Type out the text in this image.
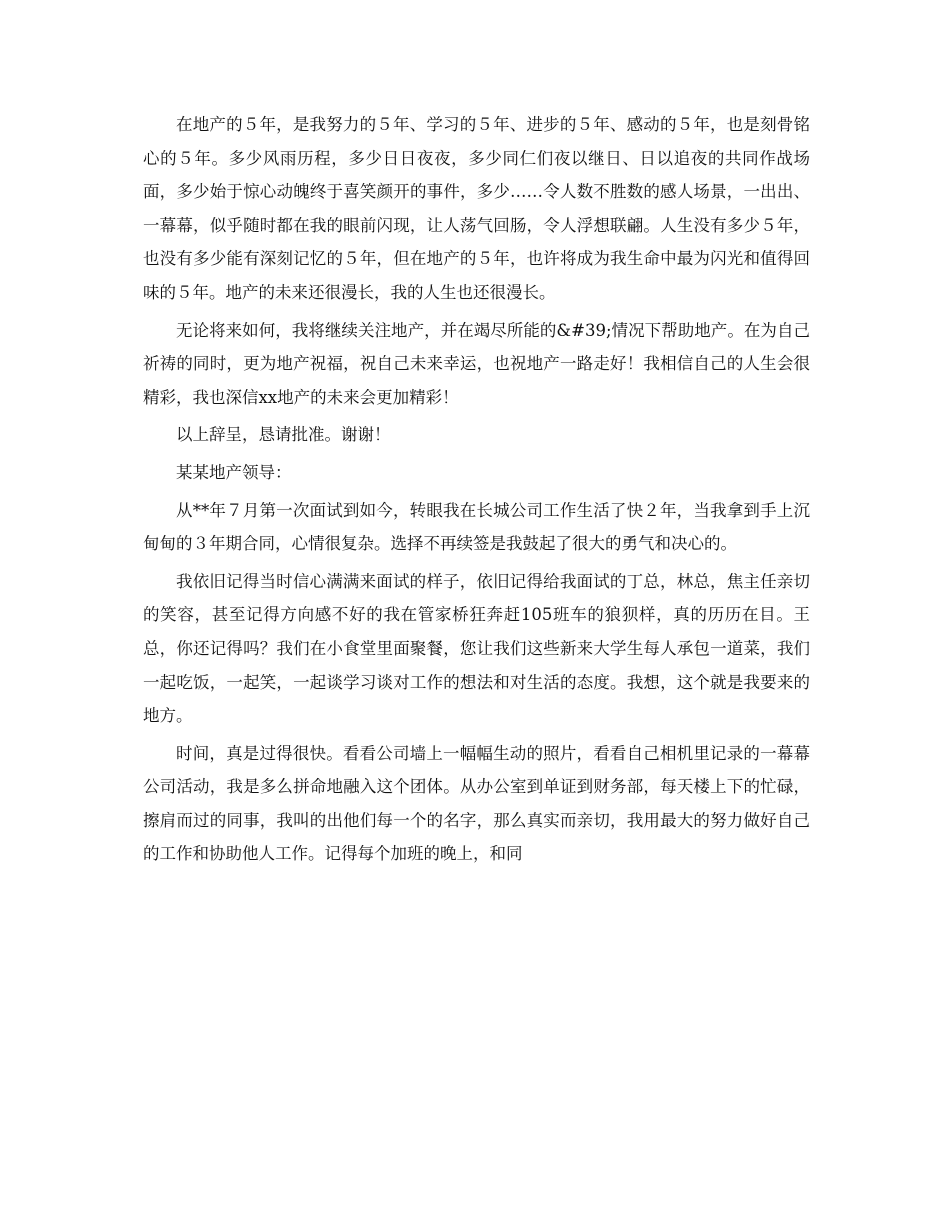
在地产的５年，是我努力的５年、学习的５年、进步的５年、感动的５年，也是刻骨铭心的５年。多少风雨历程，多少日日夜夜，多少同仁们夜以继日、日以追夜的共同作战场面，多少始于惊心动魄终于喜笑颜开的事件，多少……令人数不胜数的感人场景，一出出、一幕幕，似乎随时都在我的眼前闪现，让人荡气回肠，令人浮想联翩。人生没有多少５年，也没有多少能有深刻记忆的５年，但在地产的５年，也许将成为我生命中最为闪光和值得回味的５年。地产的未来还很漫长，我的人生也还很漫长。

无论将来如何，我将继续关注地产，并在竭尽所能的&#39;情况下帮助地产。在为自己祈祷的同时，更为地产祝福，祝自己未来幸运，也祝地产一路走好！我相信自己的人生会很精彩，我也深信xx地产的未来会更加精彩！

以上辞呈，恳请批准。谢谢！

某某地产领导：

从**年７月第一次面试到如今，转眼我在长城公司工作生活了快２年，当我拿到手上沉甸甸的３年期合同，心情很复杂。选择不再续签是我鼓起了很大的勇气和决心的。

我依旧记得当时信心满满来面试的样子，依旧记得给我面试的丁总，林总，焦主任亲切的笑容，甚至记得方向感不好的我在管家桥狂奔赶105班车的狼狈样，真的历历在目。王总，你还记得吗？我们在小食堂里面聚餐，您让我们这些新来大学生每人承包一道菜，我们一起吃饭，一起笑，一起谈学习谈对工作的想法和对生活的态度。我想，这个就是我要来的地方。

时间，真是过得很快。看看公司墙上一幅幅生动的照片，看看自己相机里记录的一幕幕公司活动，我是多么拼命地融入这个团体。从办公室到单证到财务部，每天楼上下的忙碌，擦肩而过的同事，我叫的出他们每一个的名字，那么真实而亲切，我用最大的努力做好自己的工作和协助他人工作。记得每个加班的晚上，和同
